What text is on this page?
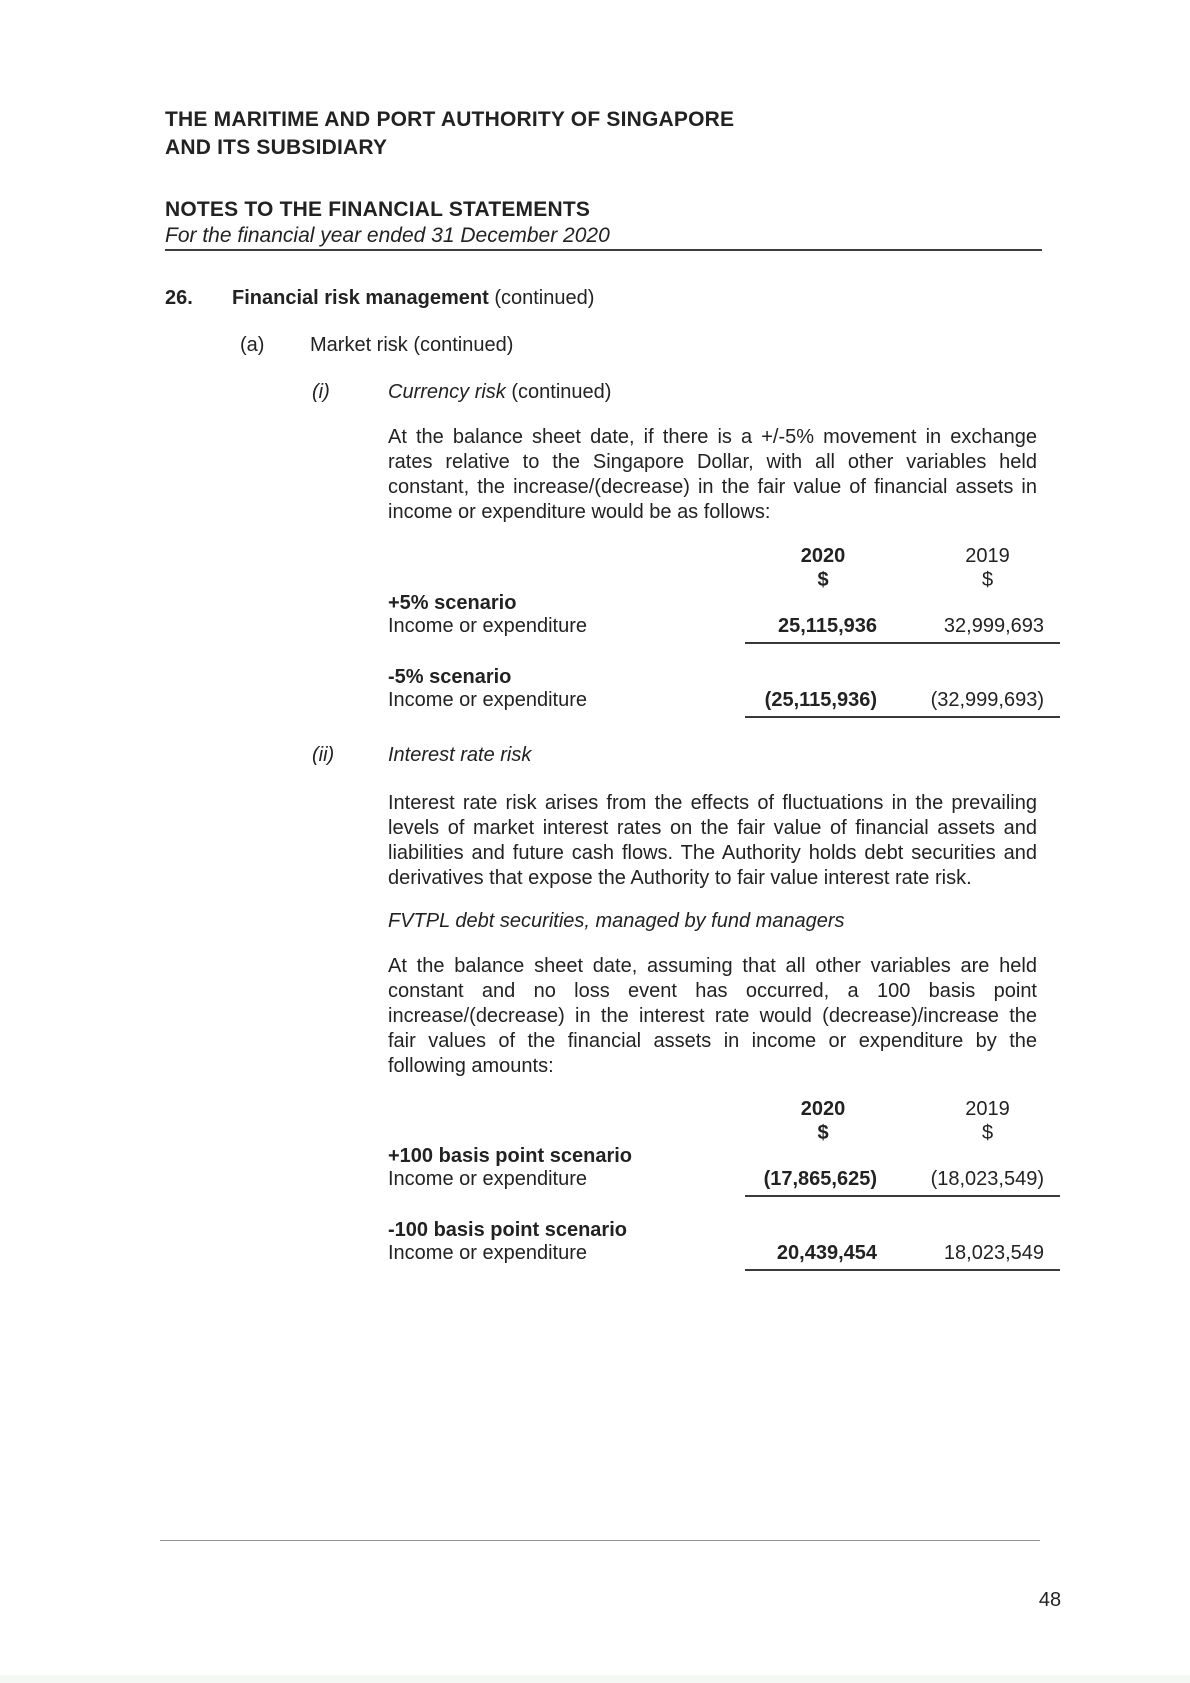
THE MARITIME AND PORT AUTHORITY OF SINGAPORE
AND ITS SUBSIDIARY
NOTES TO THE FINANCIAL STATEMENTS
For the financial year ended 31 December 2020
26.	Financial risk management (continued)
(a)	Market risk (continued)
(i)	Currency risk (continued)
At the balance sheet date, if there is a +/-5% movement in exchange rates relative to the Singapore Dollar, with all other variables held constant, the increase/(decrease) in the fair value of financial assets in income or expenditure would be as follows:
2020	2019
$	$
+5% scenario
Income or expenditure	25,115,936	32,999,693
-5% scenario
Income or expenditure	(25,115,936)	(32,999,693)
(ii)	Interest rate risk
Interest rate risk arises from the effects of fluctuations in the prevailing levels of market interest rates on the fair value of financial assets and liabilities and future cash flows. The Authority holds debt securities and derivatives that expose the Authority to fair value interest rate risk.
FVTPL debt securities, managed by fund managers
At the balance sheet date, assuming that all other variables are held constant and no loss event has occurred, a 100 basis point increase/(decrease) in the interest rate would (decrease)/increase the fair values of the financial assets in income or expenditure by the following amounts:
2020	2019
$	$
+100 basis point scenario
Income or expenditure	(17,865,625)	(18,023,549)
-100 basis point scenario
Income or expenditure	20,439,454	18,023,549
48
